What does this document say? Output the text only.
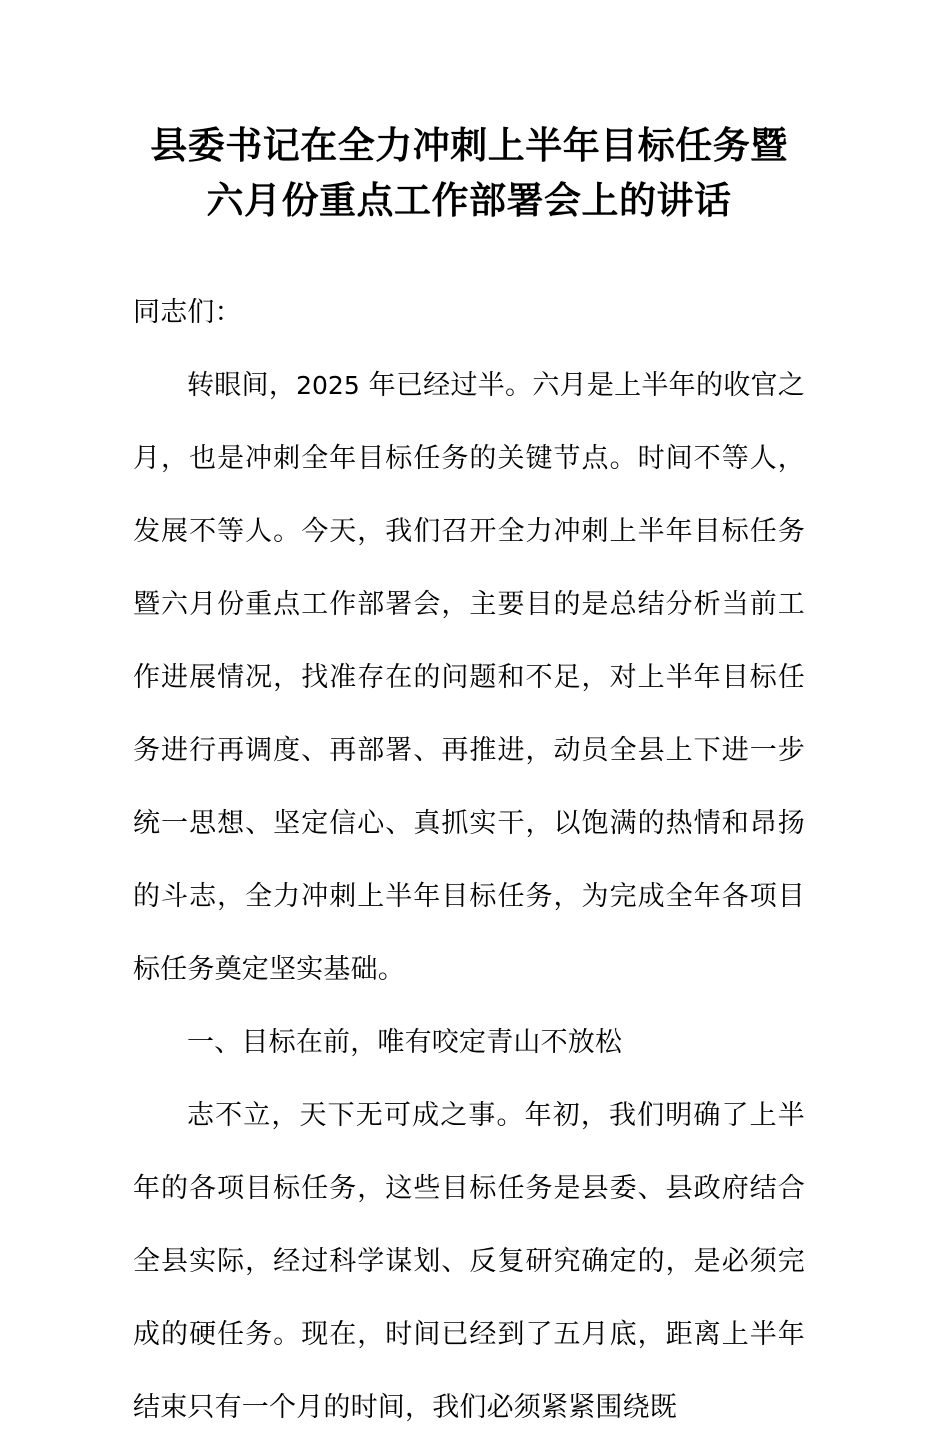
县委书记在全力冲刺上半年目标任务暨六月份重点工作部署会上的讲话

同志们：

转眼间，2025 年已经过半。六月是上半年的收官之月，也是冲刺全年目标任务的关键节点。时间不等人，发展不等人。今天，我们召开全力冲刺上半年目标任务暨六月份重点工作部署会，主要目的是总结分析当前工作进展情况，找准存在的问题和不足，对上半年目标任务进行再调度、再部署、再推进，动员全县上下进一步统一思想、坚定信心、真抓实干，以饱满的热情和昂扬的斗志，全力冲刺上半年目标任务，为完成全年各项目标任务奠定坚实基础。

一、目标在前，唯有咬定青山不放松

志不立，天下无可成之事。年初，我们明确了上半年的各项目标任务，这些目标任务是县委、县政府结合全县实际，经过科学谋划、反复研究确定的，是必须完成的硬任务。现在，时间已经到了五月底，距离上半年结束只有一个月的时间，我们必须紧紧围绕既
